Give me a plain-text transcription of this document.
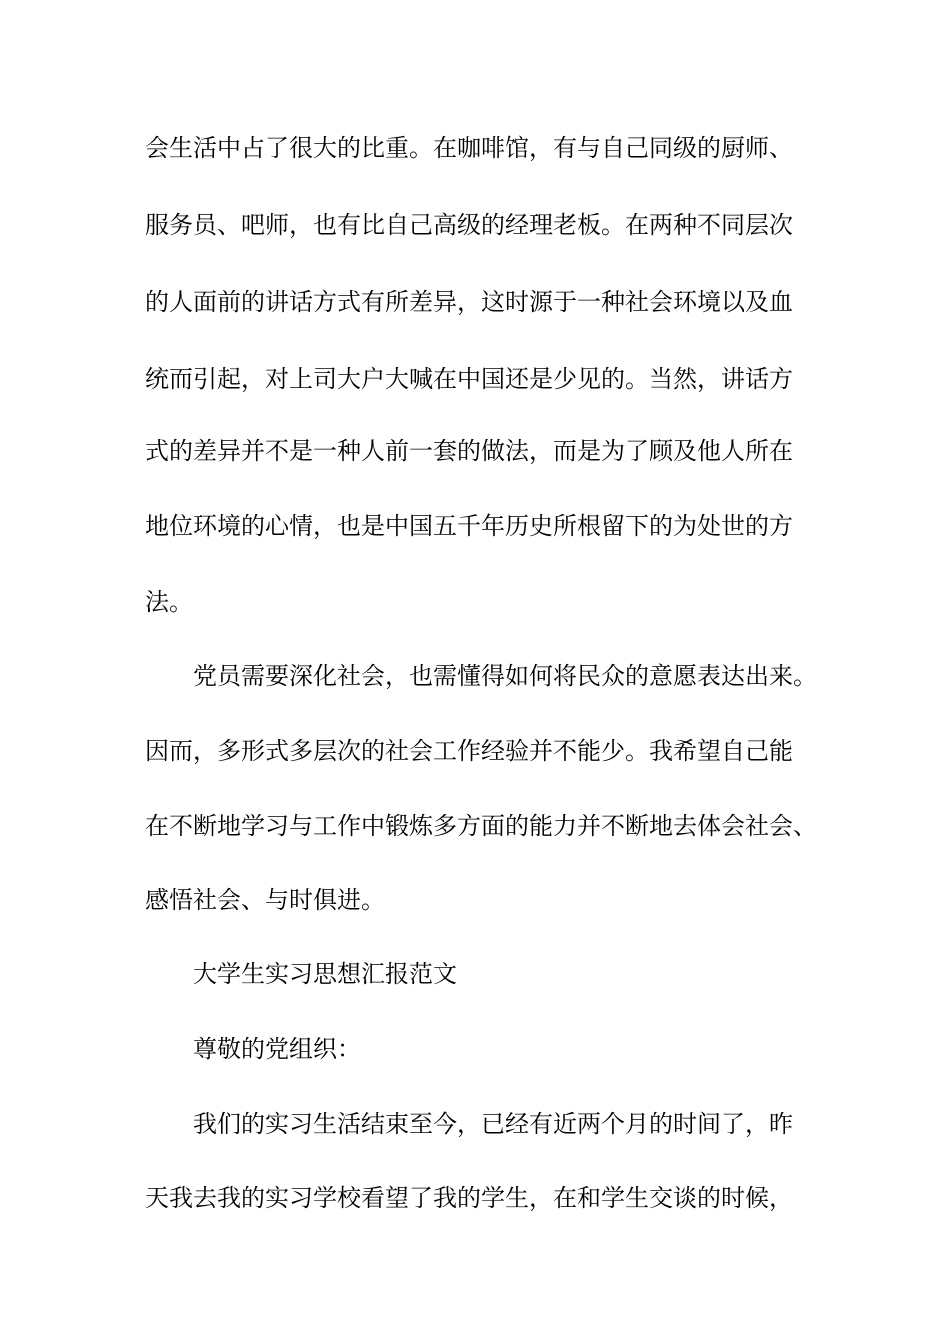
会生活中占了很大的比重。在咖啡馆，有与自己同级的厨师、
服务员、吧师，也有比自己高级的经理老板。在两种不同层次
的人面前的讲话方式有所差异，这时源于一种社会环境以及血
统而引起，对上司大户大喊在中国还是少见的。当然，讲话方
式的差异并不是一种人前一套的做法，而是为了顾及他人所在
地位环境的心情，也是中国五千年历史所根留下的为处世的方
法。
党员需要深化社会，也需懂得如何将民众的意愿表达出来。
因而，多形式多层次的社会工作经验并不能少。我希望自己能
在不断地学习与工作中锻炼多方面的能力并不断地去体会社会、
感悟社会、与时俱进。
大学生实习思想汇报范文
尊敬的党组织：
我们的实习生活结束至今，已经有近两个月的时间了，昨
天我去我的实习学校看望了我的学生，在和学生交谈的时候，
